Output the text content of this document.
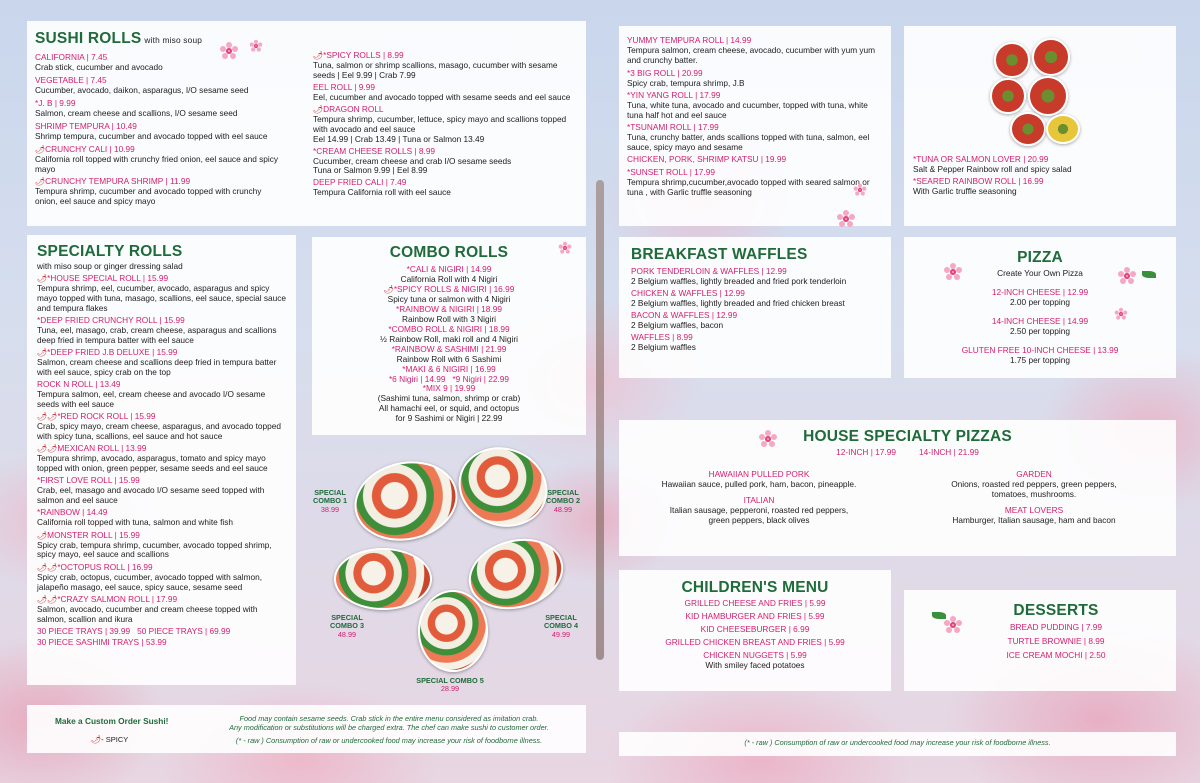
SUSHI ROLLS with miso soup
CALIFORNIA | 7.45
Crab stick, cucumber and avocado
VEGETABLE | 7.45
Cucumber, avocado, daikon, asparagus, I/O sesame seed
*J. B | 9.99
Salmon, cream cheese and scallions, I/O sesame seed
SHRIMP TEMPURA | 10.49
Shrimp tempura, cucumber and avocado topped with eel sauce
🌶CRUNCHY CALI | 10.99
California roll topped with crunchy fried onion, eel sauce and spicy mayo
🌶CRUNCHY TEMPURA SHRIMP | 11.99
Tempura shrimp, cucumber and avocado topped with crunchy onion, eel sauce and spicy mayo
🌶*SPICY ROLLS | 8.99
Tuna, salmon or shrimp scallions, masago, cucumber with sesame seeds | Eel 9.99 | Crab 7.99
EEL ROLL | 9.99
Eel, cucumber and avocado topped with sesame seeds and eel sauce
🌶DRAGON ROLL
Tempura shrimp, cucumber, lettuce, spicy mayo and scallions topped with avocado and eel sauce
Eel 14.99 | Crab 13.49 | Tuna or Salmon 13.49
*CREAM CHEESE ROLLS | 8.99
Cucumber, cream cheese and crab I/O sesame seeds
Tuna or Salmon 9.99 | Eel 8.99
DEEP FRIED CALI | 7.49
Tempura California roll with eel sauce
SPECIALTY ROLLS
with miso soup or ginger dressing salad
🌶*HOUSE SPECIAL ROLL | 15.99
Tempura shrimp, eel, cucumber, avocado, asparagus and spicy mayo topped with tuna, masago, scallions, eel sauce, special sauce and tempura flakes
*DEEP FRIED CRUNCHY ROLL | 15.99
Tuna, eel, masago, crab, cream cheese, asparagus and scallions deep fried in tempura batter with eel sauce
🌶*DEEP FRIED J.B DELUXE | 15.99
Salmon, cream cheese and scallions deep fried in tempura batter with eel sauce, spicy crab on the top
ROCK N ROLL | 13.49
Tempura salmon, eel, cream cheese and avocado I/O sesame seeds with eel sauce
🌶🌶*RED ROCK ROLL | 15.99
Crab, spicy mayo, cream cheese, asparagus, and avocado topped with spicy tuna, scallions, eel sauce and hot sauce
🌶🌶MEXICAN ROLL | 13.99
Tempura shrimp, avocado, asparagus, tomato and spicy mayo topped with onion, green pepper, sesame seeds and eel sauce
*FIRST LOVE ROLL | 15.99
Crab, eel, masago and avocado I/O sesame seed topped with salmon and eel sauce
*RAINBOW | 14.49
California roll topped with tuna, salmon and white fish
🌶MONSTER ROLL | 15.99
Spicy crab, tempura shrimp, cucumber, avocado topped shrimp, spicy mayo, eel sauce and scallions
🌶🌶*OCTOPUS ROLL | 16.99
Spicy crab, octopus, cucumber, avocado topped with salmon, jalapeño masago, eel sauce, spicy sauce, sesame seed
🌶🌶*CRAZY SALMON ROLL | 17.99
Salmon, avocado, cucumber and cream cheese topped with salmon, scallion and ikura
30 PIECE TRAYS | 39.99 50 PIECE TRAYS | 69.99
30 PIECE SASHIMI TRAYS | 53.99
COMBO ROLLS
*CALI & NIGIRI | 14.99
California Roll with 4 Nigiri
🌶*SPICY ROLLS & NIGIRI | 16.99
Spicy tuna or salmon with 4 Nigiri
*RAINBOW & NIGIRI | 18.99
Rainbow Roll with 3 Nigiri
*COMBO ROLL & NIGIRI | 18.99
½ Rainbow Roll, maki roll and 4 Nigiri
*RAINBOW & SASHIMI | 21.99
Rainbow Roll with 6 Sashimi
*MAKI & 6 NIGIRI | 16.99
*6 Nigiri | 14.99 *9 Nigiri | 22.99
*MIX 9 | 19.99
(Sashimi tuna, salmon, shrimp or crab)
All hamachi eel, or squid, and octopus
for 9 Sashimi or Nigiri | 22.99
SPECIAL
COMBO 1
38.99
SPECIAL
COMBO 2
48.99
SPECIAL
COMBO 3
48.99
SPECIAL
COMBO 4
49.99
SPECIAL COMBO 5
28.99
YUMMY TEMPURA ROLL | 14.99
Tempura salmon, cream cheese, avocado, cucumber with yum yum and crunchy batter.
*3 BIG ROLL | 20.99
Spicy crab, tempura shrimp, J.B
*YIN YANG ROLL | 17.99
Tuna, white tuna, avocado and cucumber, topped with tuna, white tuna half hot and eel sauce
*TSUNAMI ROLL | 17.99
Tuna, crunchy batter, ands scallions topped with tuna, salmon, eel sauce, spicy mayo and sesame
CHICKEN, PORK, SHRIMP KATSU | 19.99
*SUNSET ROLL | 17.99
Tempura shrimp,cucumber,avocado topped with seared salmon or tuna , with Garlic truffle seasoning
*TUNA OR SALMON LOVER | 20.99
Salt & Pepper Rainbow roll and spicy salad
*SEARED RAINBOW ROLL | 16.99
With Garlic truffle seasoning
BREAKFAST WAFFLES
PORK TENDERLOIN & WAFFLES | 12.99
2 Belgium waffles, lightly breaded and fried pork tenderloin
CHICKEN & WAFFLES | 12.99
2 Belgium waffles, lightly breaded and fried chicken breast
BACON & WAFFLES | 12.99
2 Belgium waffles, bacon
WAFFLES | 8.99
2 Belgium waffles
PIZZA
Create Your Own Pizza
12-INCH CHEESE | 12.99
2.00 per topping
14-INCH CHEESE | 14.99
2.50 per topping
GLUTEN FREE 10-INCH CHEESE | 13.99
1.75 per topping
HOUSE SPECIALTY PIZZAS
12-INCH | 17.99	14-INCH | 21.99
HAWAIIAN PULLED PORK
Hawaiian sauce, pulled pork, ham, bacon, pineapple.
ITALIAN
Italian sausage, pepperoni, roasted red peppers,
green peppers, black olives
GARDEN
Onions, roasted red peppers, green peppers,
tomatoes, mushrooms.
MEAT LOVERS
Hamburger, Italian sausage, ham and bacon
CHILDREN'S MENU
GRILLED CHEESE AND FRIES | 5.99
KID HAMBURGER AND FRIES | 5.99
KID CHEESEBURGER | 6.99
GRILLED CHICKEN BREAST AND FRIES | 5.99
CHICKEN NUGGETS | 5.99
With smiley faced potatoes
DESSERTS
BREAD PUDDING | 7.99
TURTLE BROWNIE | 8.99
ICE CREAM MOCHI | 2.50
Make a Custom Order Sushi!
🌶- SPICY
Food may contain sesame seeds. Crab stick in the entire menu considered as imitation crab.
Any modification or substitutions will be charged extra. The chef can make sushi to customer order.
(* - raw ) Consumption of raw or undercooked food may increase your risk of foodborne illness.	(* - raw ) Consumption of raw or undercooked food may increase your risk of foodborne illness.
